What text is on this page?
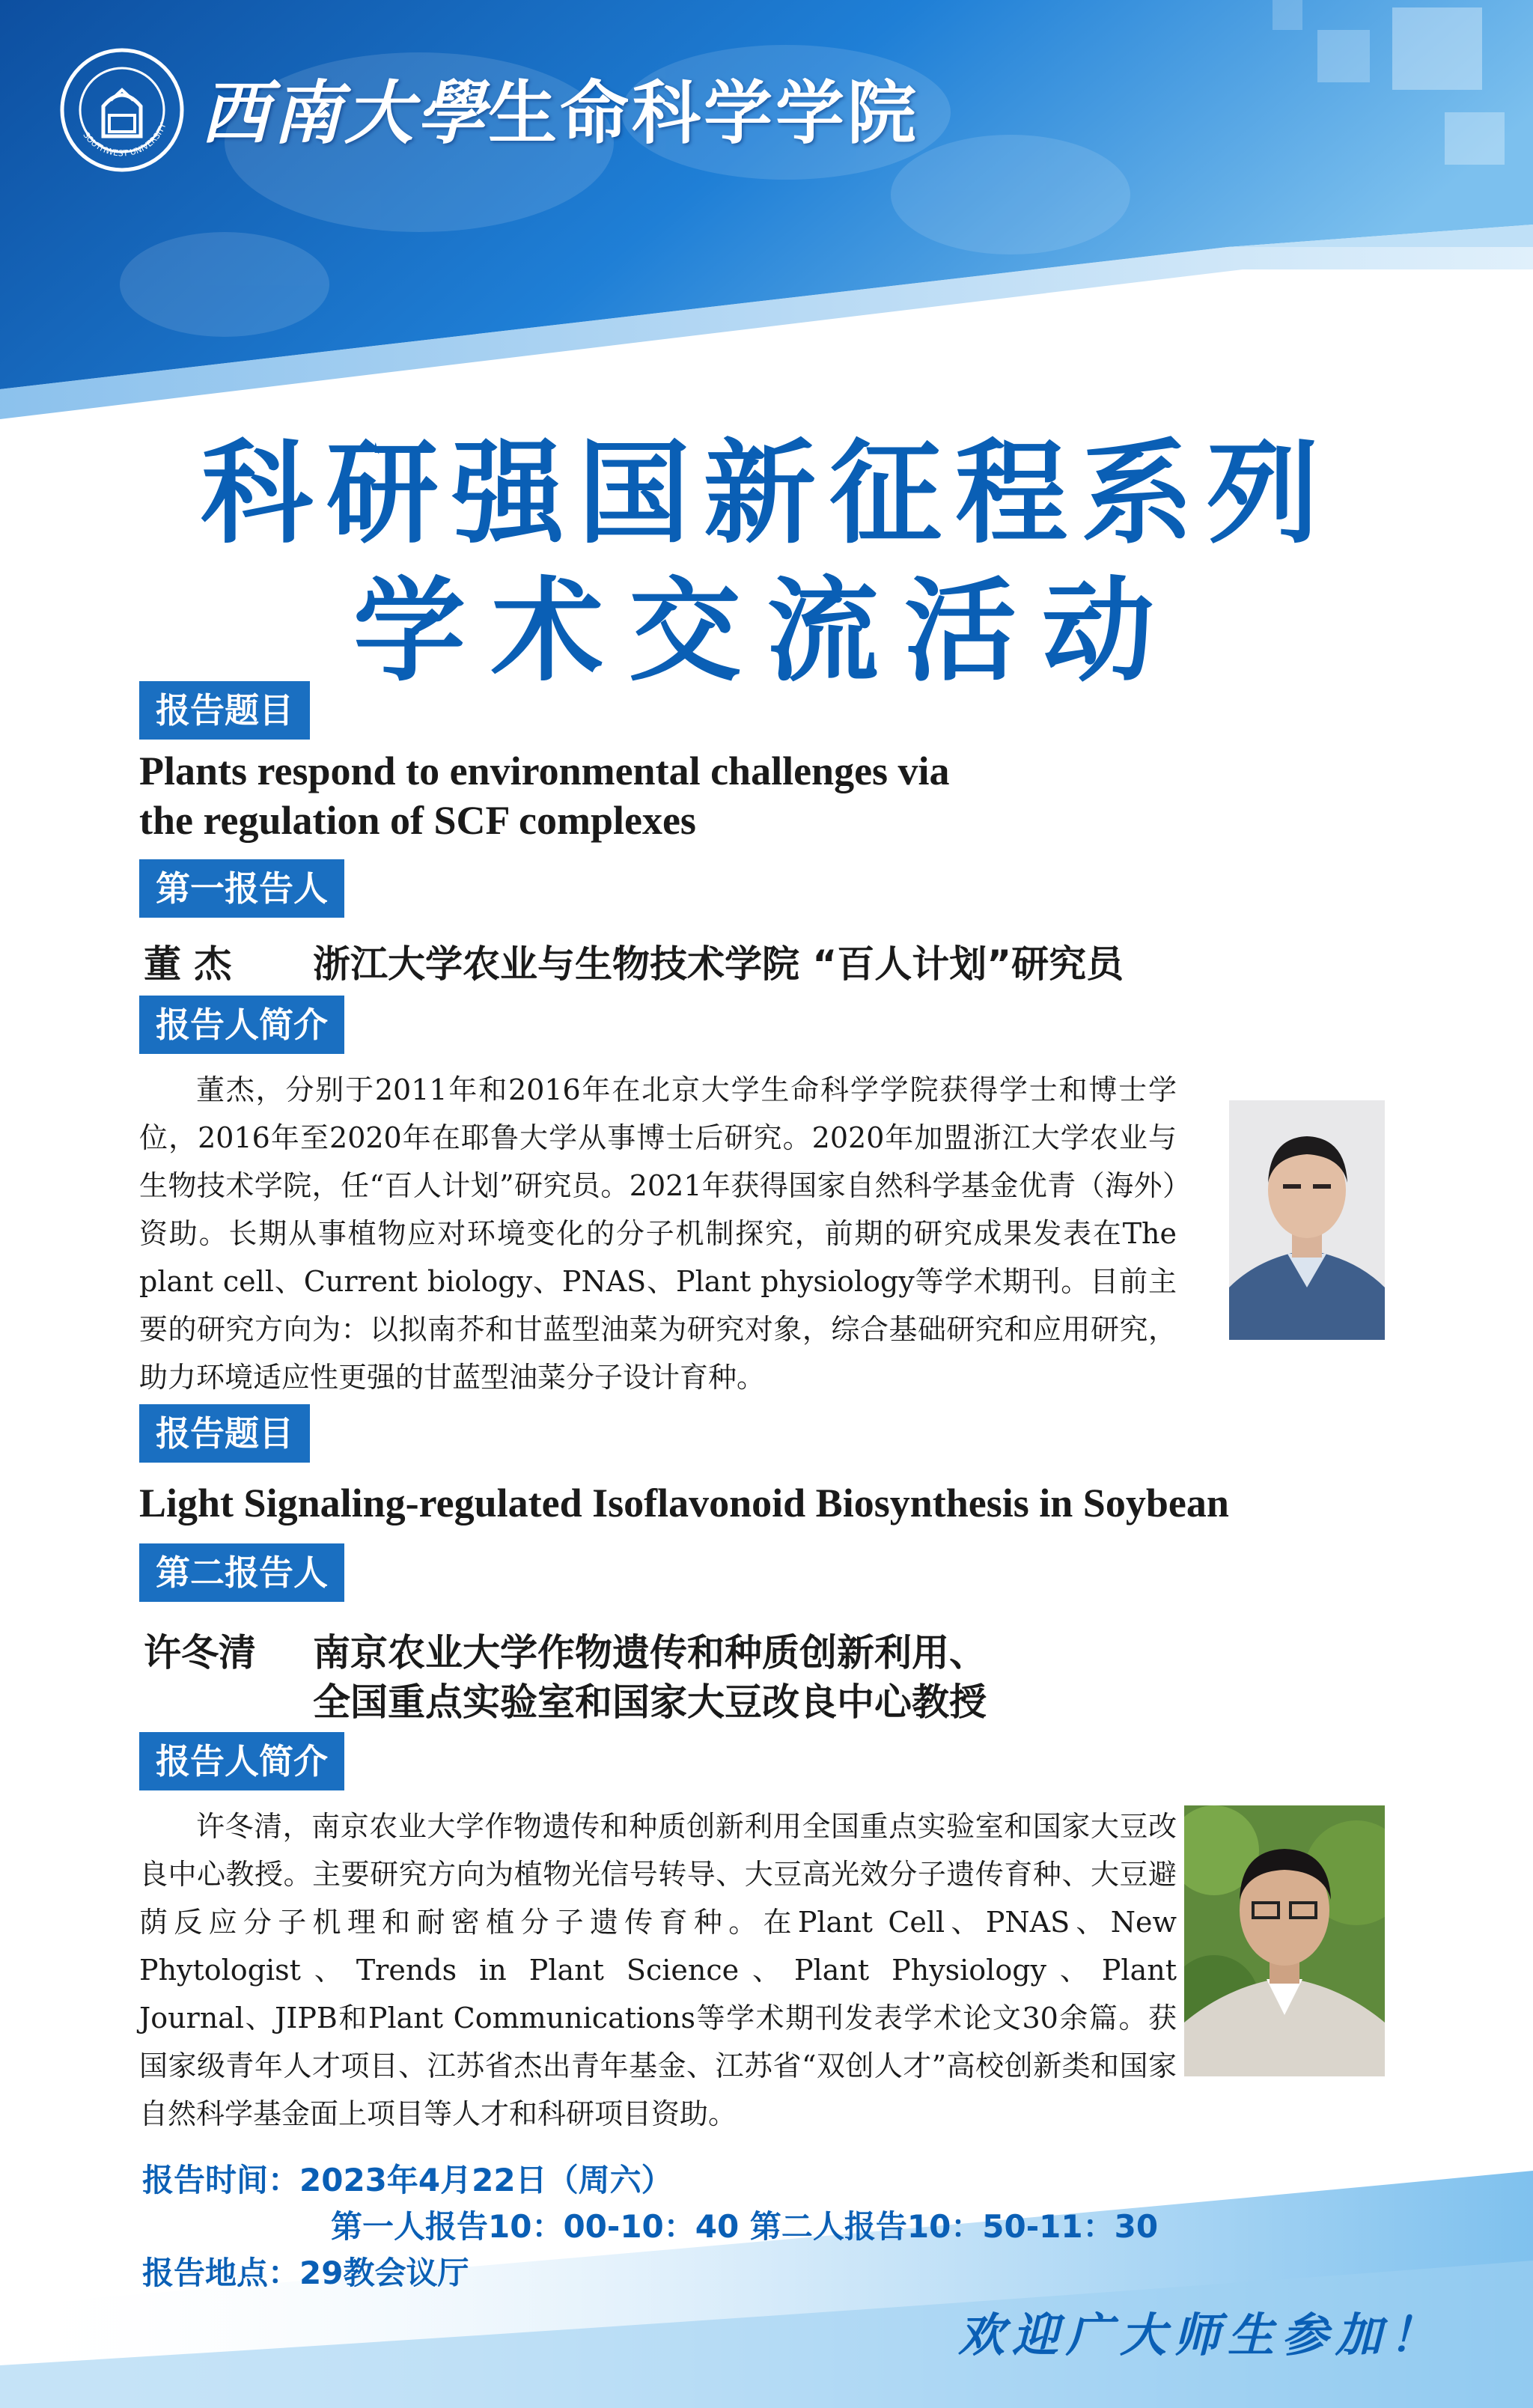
SOUTHWEST UNIVERSITY 西南大學生命科学学院
科研强国新征程系列
学术交流活动
报告题目
Plants respond to environmental challenges via
the regulation of SCF complexes
第一报告人
董 杰 浙江大学农业与生物技术学院 “百人计划”研究员
报告人简介

董杰，分别于2011年和2016年在北京大学生命科学学院获得学士和博士学位，2016年至2020年在耶鲁大学从事博士后研究。2020年加盟浙江大学农业与生物技术学院，任“百人计划”研究员。2021年获得国家自然科学基金优青（海外）资助。长期从事植物应对环境变化的分子机制探究，前期的研究成果发表在The plant cell、Current biology、PNAS、Plant physiology等学术期刊。目前主要的研究方向为：以拟南芥和甘蓝型油菜为研究对象，综合基础研究和应用研究，助力环境适应性更强的甘蓝型油菜分子设计育种。

报告题目
Light Signaling-regulated Isoflavonoid Biosynthesis in Soybean
第二报告人
许冬清 南京农业大学作物遗传和种质创新利用、
全国重点实验室和国家大豆改良中心教授
报告人简介

许冬清，南京农业大学作物遗传和种质创新利用全国重点实验室和国家大豆改良中心教授。主要研究方向为植物光信号转导、大豆高光效分子遗传育种、大豆避荫反应分子机理和耐密植分子遗传育种。在Plant Cell、PNAS、New Phytologist、Trends in Plant Science、Plant Physiology、Plant Journal、JIPB和Plant Communications等学术期刊发表学术论文30余篇。获国家级青年人才项目、江苏省杰出青年基金、江苏省“双创人才”高校创新类和国家自然科学基金面上项目等人才和科研项目资助。

报告时间：2023年4月22日（周六）
第一人报告10：00-10：40 第二人报告10：50-11：30
报告地点：29教会议厅
欢迎广大师生参加！
